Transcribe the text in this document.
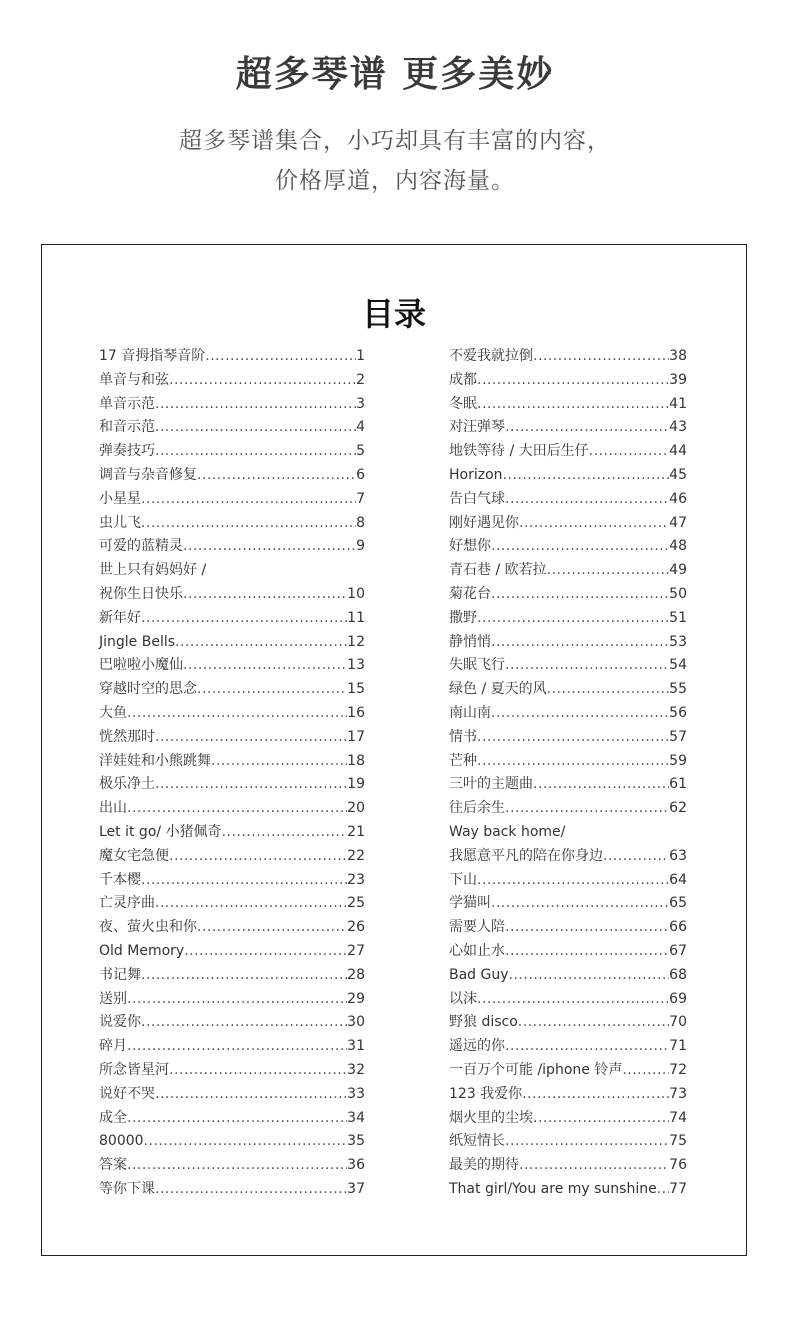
超多琴谱 更多美妙

超多琴谱集合，小巧却具有丰富的内容，

价格厚道，内容海量。

目录
17 音拇指琴音阶 .....	1
单音与和弦 .....	2
单音示范 .....	3
和音示范 .....	4
弹奏技巧 .....	5
调音与杂音修复 .....	6
小星星 .....	7
虫儿飞 .....	8
可爱的蓝精灵 .....	9
世上只有妈妈好 /
祝你生日快乐 .....	10
新年好 .....	11
Jingle Bells .....	12
巴啦啦小魔仙 .....	13
穿越时空的思念 .....	15
大鱼 .....	16
恍然那时 .....	17
洋娃娃和小熊跳舞 .....	18
极乐净土 .....	19
出山 .....	20
Let it go/ 小猪佩奇 .....	21
魔女宅急便 .....	22
千本樱 .....	23
亡灵序曲 .....	25
夜、萤火虫和你 .....	26
Old Memory .....	27
书记舞 .....	28
送别 .....	29
说爱你 .....	30
碎月 .....	31
所念皆星河 .....	32
说好不哭 .....	33
成全 .....	34
80000 .....	35
答案 .....	36
等你下课 .....	37
不爱我就拉倒 .....	38
成都 .....	39
冬眠 .....	41
对汪弹琴 .....	43
地铁等待 / 大田后生仔 .....	44
Horizon .....	45
告白气球 .....	46
刚好遇见你 .....	47
好想你 .....	48
青石巷 / 欧若拉 .....	49
菊花台 .....	50
撒野 .....	51
静悄悄 .....	53
失眠飞行 .....	54
绿色 / 夏天的风 .....	55
南山南 .....	56
情书 .....	57
芒种 .....	59
三叶的主题曲 .....	61
往后余生 .....	62
Way back home/
我愿意平凡的陪在你身边 .....	63
下山 .....	64
学猫叫 .....	65
需要人陪 .....	66
心如止水 .....	67
Bad Guy .....	68
以沫 .....	69
野狼 disco .....	70
遥远的你 .....	71
一百万个可能 /iphone 铃声 .....	72
123 我爱你 .....	73
烟火里的尘埃 .....	74
纸短情长 .....	75
最美的期待 .....	76
That girl/You are my sunshine ..... 77
